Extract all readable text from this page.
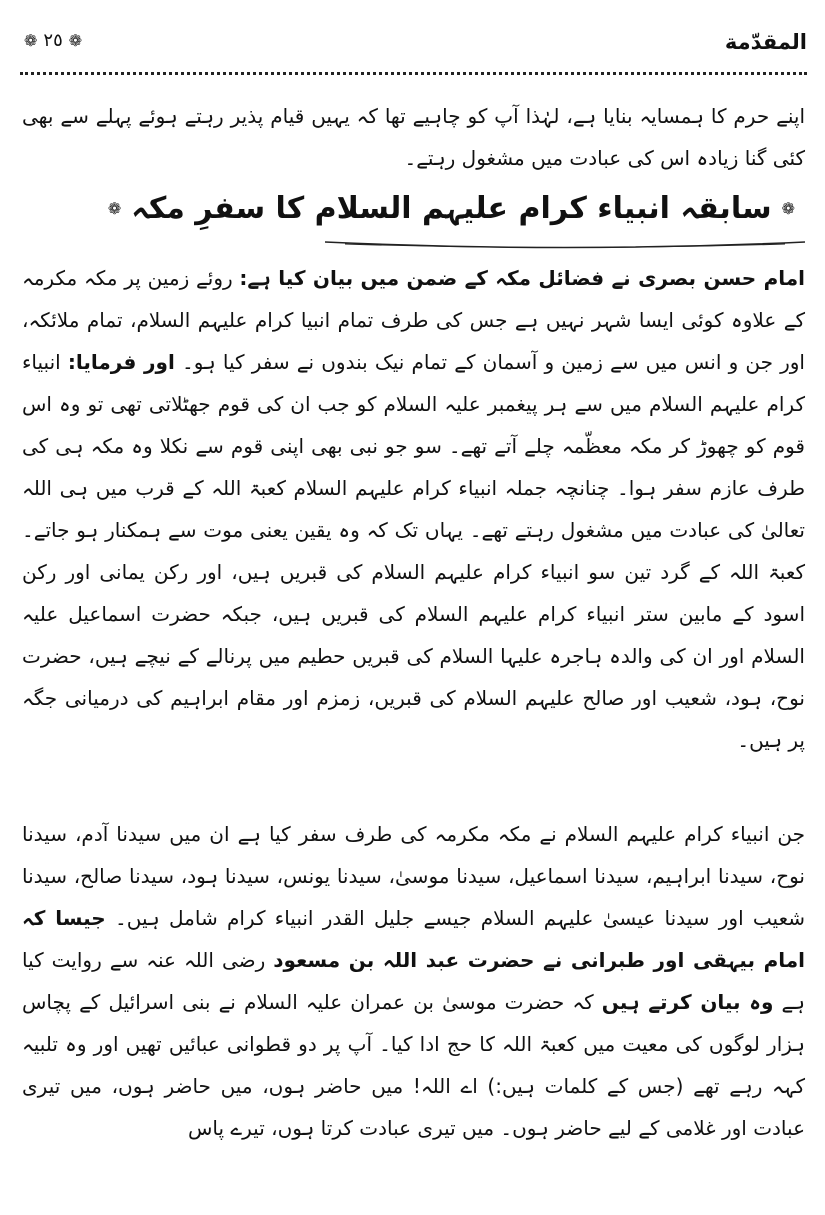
المقدّمة
❁ ٢٥ ❁

اپنے حرم کا ہمسایہ بنایا ہے، لہٰذا آپ کو چاہیے تھا کہ یہیں قیام پذیر رہتے ہوئے پہلے سے بھی کئی گنا زیادہ اس کی عبادت میں مشغول رہتے۔

❁
سابقہ انبیاء کرام علیہم السلام کا سفرِ مکہ
❁

امام حسن بصری نے فضائل مکہ کے ضمن میں بیان کیا ہے: روئے زمین پر مکہ مکرمہ کے علاوہ کوئی ایسا شہر نہیں ہے جس کی طرف تمام انبیا کرام علیہم السلام، تمام ملائکہ، اور جن و انس میں سے زمین و آسمان کے تمام نیک بندوں نے سفر کیا ہو۔ اور فرمایا: انبیاء کرام علیہم السلام میں سے ہر پیغمبر علیہ السلام کو جب ان کی قوم جھٹلاتی تھی تو وہ اس قوم کو چھوڑ کر مکہ معظّمہ چلے آتے تھے۔ سو جو نبی بھی اپنی قوم سے نکلا وہ مکہ ہی کی طرف عازم سفر ہوا۔ چنانچہ جملہ انبیاء کرام علیہم السلام کعبۃ اللہ کے قرب میں ہی اللہ تعالیٰ کی عبادت میں مشغول رہتے تھے۔ یہاں تک کہ وہ یقین یعنی موت سے ہمکنار ہو جاتے۔ کعبۃ اللہ کے گرد تین سو انبیاء کرام علیہم السلام کی قبریں ہیں، اور رکن یمانی اور رکن اسود کے مابین ستر انبیاء کرام علیہم السلام کی قبریں ہیں، جبکہ حضرت اسماعیل علیہ السلام اور ان کی والدہ ہاجرہ علیہا السلام کی قبریں حطیم میں پرنالے کے نیچے ہیں، حضرت نوح، ہود، شعیب اور صالح علیہم السلام کی قبریں، زمزم اور مقام ابراہیم کی درمیانی جگہ پر ہیں۔

جن انبیاء کرام علیہم السلام نے مکہ مکرمہ کی طرف سفر کیا ہے ان میں سیدنا آدم، سیدنا نوح، سیدنا ابراہیم، سیدنا اسماعیل، سیدنا موسیٰ، سیدنا یونس، سیدنا ہود، سیدنا صالح، سیدنا شعیب اور سیدنا عیسیٰ علیہم السلام جیسے جلیل القدر انبیاء کرام شامل ہیں۔ جیسا کہ امام بیہقی اور طبرانی نے حضرت عبد اللہ بن مسعود رضی اللہ عنہ سے روایت کیا ہے وہ بیان کرتے ہیں کہ حضرت موسیٰ بن عمران علیہ السلام نے بنی اسرائیل کے پچاس ہزار لوگوں کی معیت میں کعبۃ اللہ کا حج ادا کیا۔ آپ پر دو قطوانی عبائیں تھیں اور وہ تلبیہ کہہ رہے تھے (جس کے کلمات ہیں:) اے اللہ! میں حاضر ہوں، میں حاضر ہوں، میں تیری عبادت اور غلامی کے لیے حاضر ہوں۔ میں تیری عبادت کرتا ہوں، تیرے پاس
